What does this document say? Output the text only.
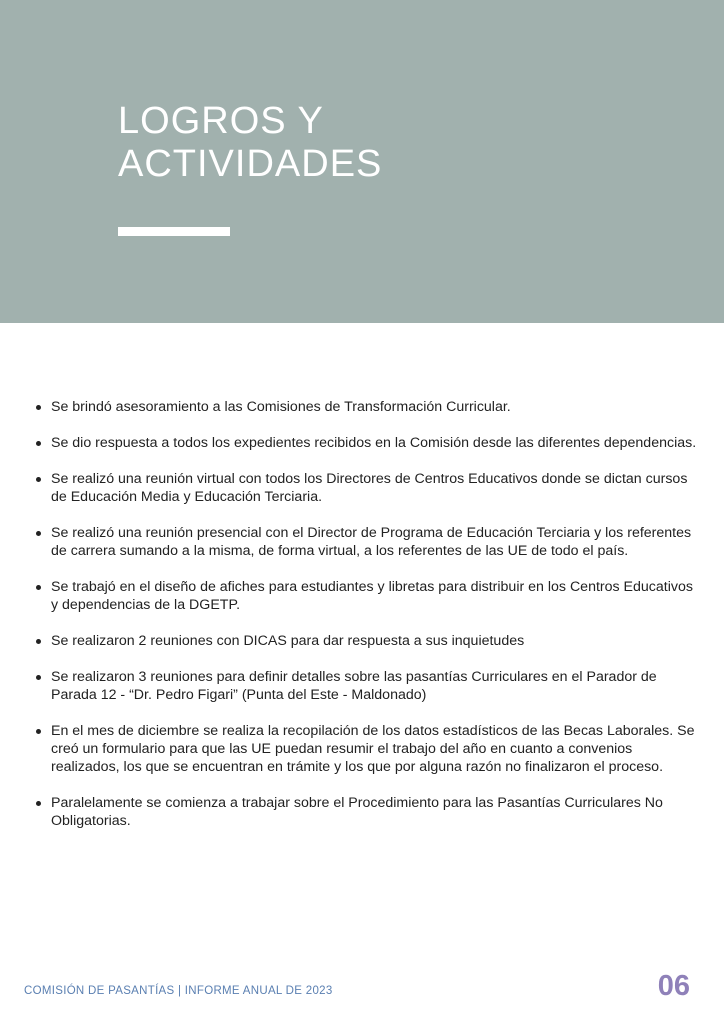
LOGROS Y
ACTIVIDADES
Se brindó asesoramiento a las Comisiones de Transformación Curricular.
Se dio respuesta a todos los expedientes recibidos en la Comisión desde las diferentes dependencias.
Se realizó una reunión virtual con todos los Directores de Centros Educativos donde se dictan cursos de Educación Media y Educación Terciaria.
Se realizó una reunión presencial con el Director de Programa de Educación Terciaria y los referentes de carrera sumando a la misma, de forma virtual, a los referentes de las UE de todo el país.
Se trabajó en el diseño de afiches para estudiantes y libretas para distribuir en los Centros Educativos y dependencias de la DGETP.
Se realizaron 2 reuniones con DICAS para dar respuesta a sus inquietudes
Se realizaron 3 reuniones para definir detalles sobre las pasantías Curriculares en el Parador de Parada 12 - “Dr. Pedro Figari” (Punta del Este - Maldonado)
En el mes de diciembre se realiza la recopilación de los datos estadísticos de las Becas Laborales. Se creó un formulario para que las UE puedan resumir el trabajo del año en cuanto a convenios realizados, los que se encuentran en trámite y los que por alguna razón no finalizaron el proceso.
Paralelamente se comienza a trabajar sobre el Procedimiento para las Pasantías Curriculares No Obligatorias.
COMISIÓN DE PASANTÍAS | INFORME ANUAL DE 2023	06
